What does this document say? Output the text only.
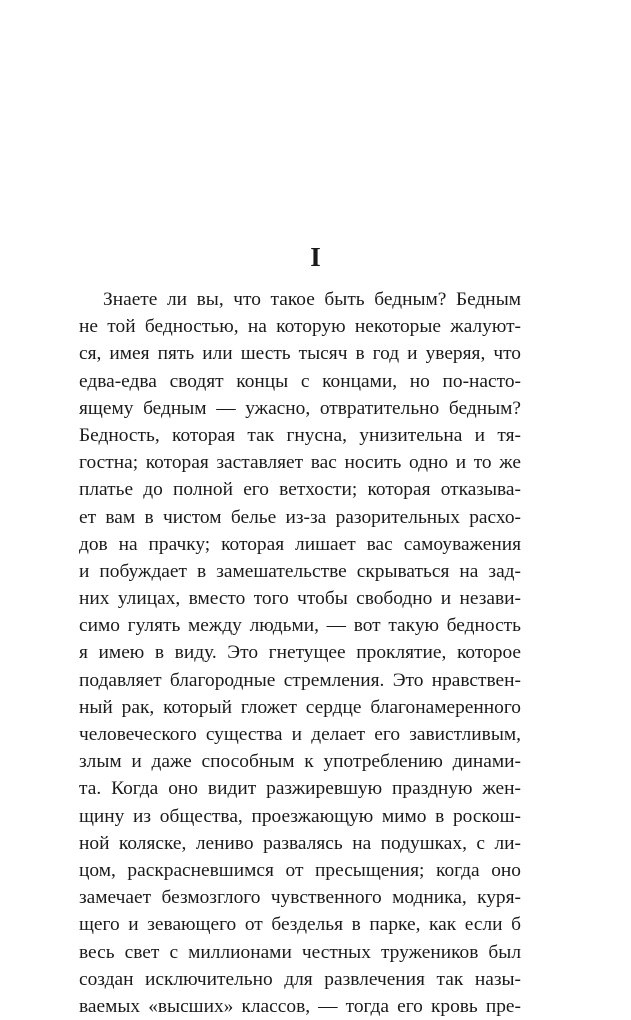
I
Знаете ли вы, что такое быть бедным? Бедным
не той бедностью, на которую некоторые жалуют-
ся, имея пять или шесть тысяч в год и уверяя, что
едва-едва сводят концы с концами, но по-насто-
ящему бедным — ужасно, отвратительно бедным?
Бедность, которая так гнусна, унизительна и тя-
гостна; которая заставляет вас носить одно и то же
платье до полной его ветхости; которая отказыва-
ет вам в чистом белье из-за разорительных расхо-
дов на прачку; которая лишает вас самоуважения
и побуждает в замешательстве скрываться на зад-
них улицах, вместо того чтобы свободно и незави-
симо гулять между людьми, — вот такую бедность
я имею в виду. Это гнетущее проклятие, которое
подавляет благородные стремления. Это нравствен-
ный рак, который гложет сердце благонамеренного
человеческого существа и делает его завистливым,
злым и даже способным к употреблению динами-
та. Когда оно видит разжиревшую праздную жен-
щину из общества, проезжающую мимо в роскош-
ной коляске, лениво развалясь на подушках, с ли-
цом, раскрасневшимся от пресыщения; когда оно
замечает безмозглого чувственного модника, куря-
щего и зевающего от безделья в парке, как если б
весь свет с миллионами честных тружеников был
создан исключительно для развлечения так назы-
ваемых «высших» классов, — тогда его кровь пре-
